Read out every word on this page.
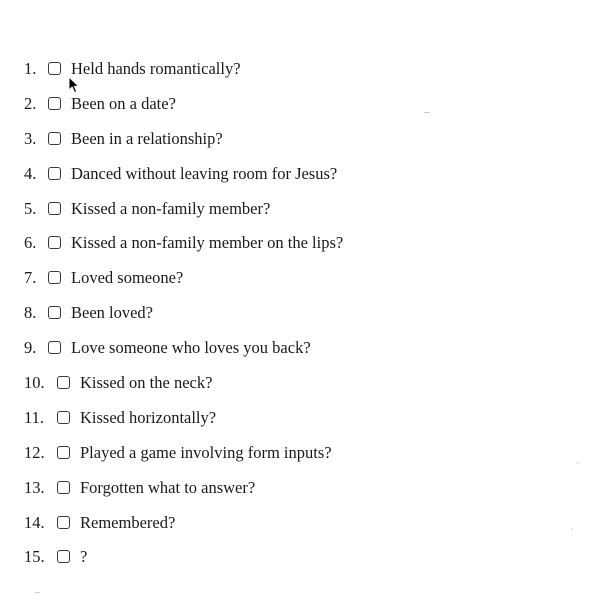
1. Held hands romantically?
2. Been on a date?
3. Been in a relationship?
4. Danced without leaving room for Jesus?
5. Kissed a non-family member?
6. Kissed a non-family member on the lips?
7. Loved someone?
8. Been loved?
9. Love someone who loves you back?
10. Kissed on the neck?
11. Kissed horizontally?
12. Played a game involving form inputs?
13. Forgotten what to answer?
14. Remembered?
15. ?
